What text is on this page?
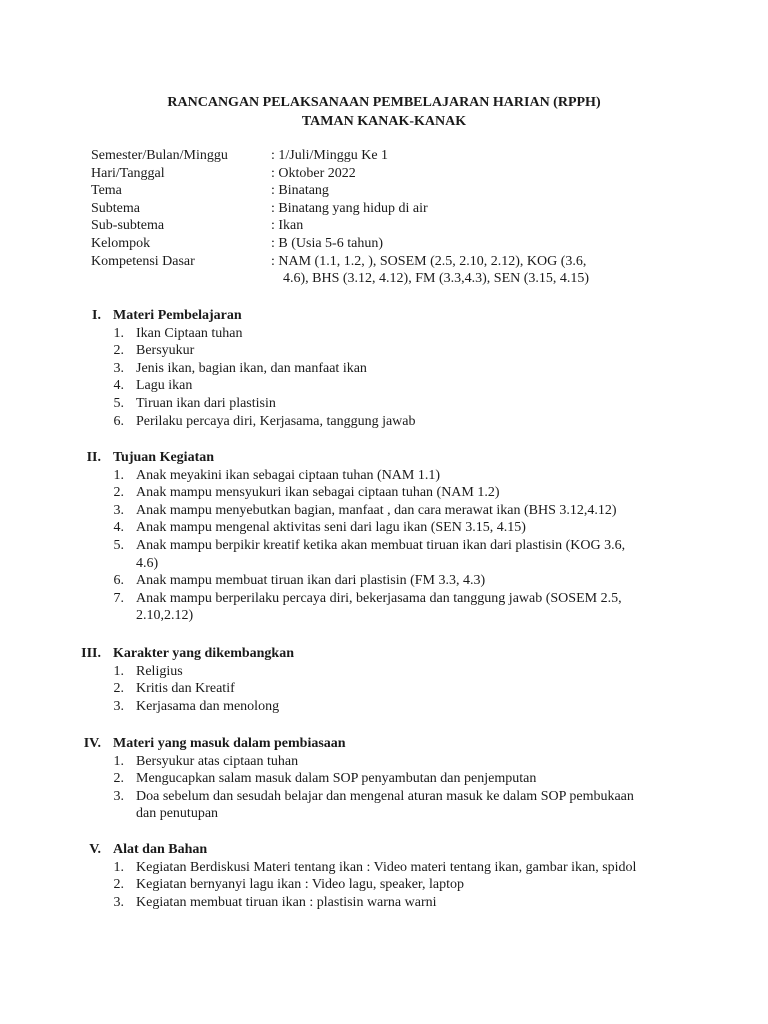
RANCANGAN PELAKSANAAN PEMBELAJARAN HARIAN (RPPH)
TAMAN KANAK-KANAK
Semester/Bulan/Minggu	: 1/Juli/Minggu Ke 1
Hari/Tanggal	: Oktober 2022
Tema	: Binatang
Subtema	: Binatang yang hidup di air
Sub-subtema	: Ikan
Kelompok	: B (Usia 5-6 tahun)
Kompetensi Dasar	: NAM (1.1, 1.2, ), SOSEM (2.5, 2.10, 2.12), KOG (3.6,
4.6), BHS (3.12, 4.12), FM (3.3,4.3), SEN (3.15, 4.15)
I. Materi Pembelajaran
1. Ikan Ciptaan tuhan
2. Bersyukur
3. Jenis ikan, bagian ikan, dan manfaat ikan
4. Lagu ikan
5. Tiruan ikan dari plastisin
6. Perilaku percaya diri, Kerjasama, tanggung jawab
II. Tujuan Kegiatan
1. Anak meyakini ikan sebagai ciptaan tuhan (NAM 1.1)
2. Anak mampu mensyukuri ikan sebagai ciptaan tuhan (NAM 1.2)
3. Anak mampu menyebutkan bagian, manfaat , dan cara merawat ikan (BHS 3.12,4.12)
4. Anak mampu mengenal aktivitas seni dari lagu ikan (SEN 3.15, 4.15)
5. Anak mampu berpikir kreatif ketika akan membuat tiruan ikan dari plastisin (KOG 3.6,
4.6)
6. Anak mampu membuat tiruan ikan dari plastisin (FM 3.3, 4.3)
7. Anak mampu berperilaku percaya diri, bekerjasama dan tanggung jawab (SOSEM 2.5,
2.10,2.12)
III. Karakter yang dikembangkan
1. Religius
2. Kritis dan Kreatif
3. Kerjasama dan menolong
IV. Materi yang masuk dalam pembiasaan
1. Bersyukur atas ciptaan tuhan
2. Mengucapkan salam masuk dalam SOP penyambutan dan penjemputan
3. Doa sebelum dan sesudah belajar dan mengenal aturan masuk ke dalam SOP pembukaan
dan penutupan
V. Alat dan Bahan
1. Kegiatan Berdiskusi Materi tentang ikan : Video materi tentang ikan, gambar ikan, spidol
2. Kegiatan bernyanyi lagu ikan : Video lagu, speaker, laptop
3. Kegiatan membuat tiruan ikan : plastisin warna warni
